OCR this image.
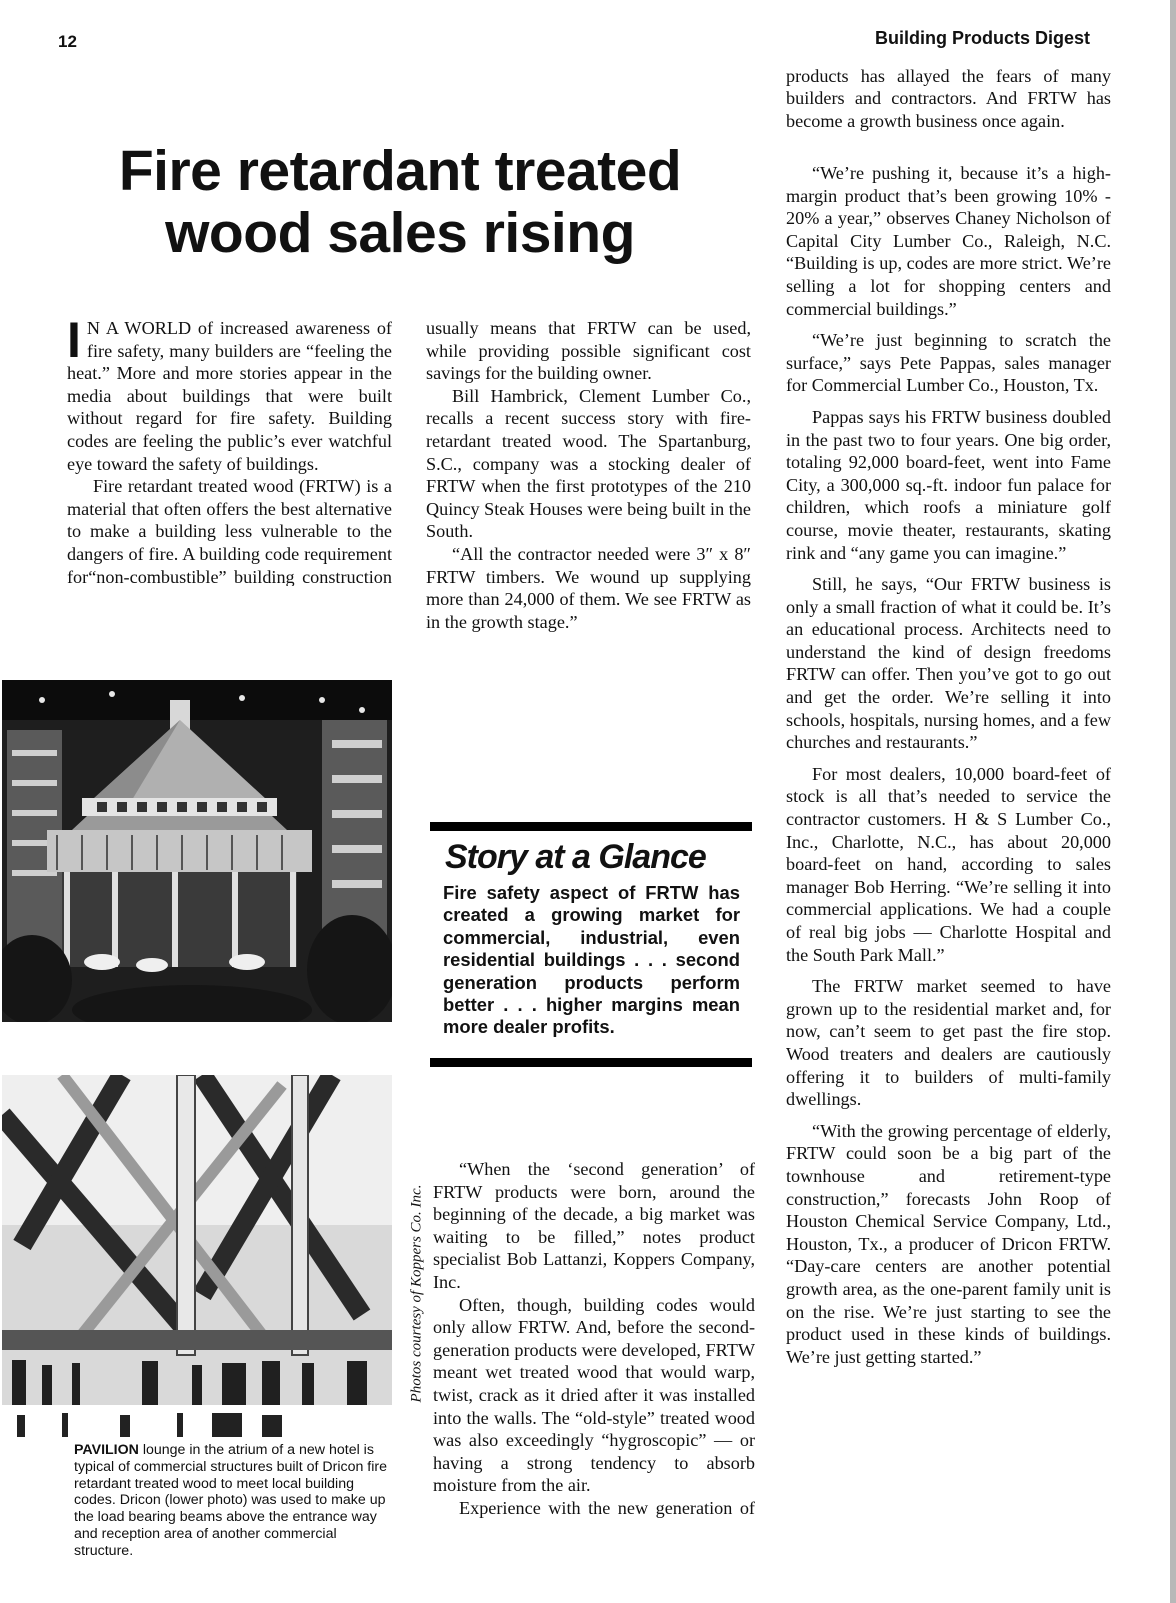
12	Building Products Digest
Fire retardant treated
wood sales rising

I N A WORLD of increased awareness of fire safety, many builders are “feeling the heat.” More and more stories appear in the media about buildings that were built without regard for fire safety. Building codes are feeling the public’s ever watchful eye toward the safety of buildings.

Fire retardant treated wood (FRTW) is a material that often offers the best alternative to make a building less vulnerable to the dangers of fire. A building code requirement for“non-combustible” building construction

usually means that FRTW can be used, while providing possible significant cost savings for the building owner.

Bill Hambrick, Clement Lumber Co., recalls a recent success story with fire-retardant treated wood. The Spartanburg, S.C., company was a stocking dealer of FRTW when the first prototypes of the 210 Quincy Steak Houses were being built in the South.

“All the contractor needed were 3″ x 8″ FRTW timbers. We wound up supplying more than 24,000 of them. We see FRTW as in the growth stage.”

Story at a Glance
Fire safety aspect of FRTW has created a growing market for commercial, industrial, even residential buildings . . . second generation products perform better . . . higher margins mean more dealer profits.

“When the ‘second generation’ of FRTW products were born, around the beginning of the decade, a big market was waiting to be filled,” notes product specialist Bob Lattanzi, Koppers Company, Inc.

Often, though, building codes would only allow FRTW. And, before the second-generation products were developed, FRTW meant wet treated wood that would warp, twist, crack as it dried after it was installed into the walls. The “old-style” treated wood was also exceedingly “hygroscopic” — or having a strong tendency to absorb moisture from the air.

Experience with the new generation of

products has allayed the fears of many builders and contractors. And FRTW has become a growth business once again.

“We’re pushing it, because it’s a high-margin product that’s been growing 10% - 20% a year,” observes Chaney Nicholson of Capital City Lumber Co., Raleigh, N.C. “Building is up, codes are more strict. We’re selling a lot for shopping centers and commercial buildings.”

“We’re just beginning to scratch the surface,” says Pete Pappas, sales manager for Commercial Lumber Co., Houston, Tx.

Pappas says his FRTW business doubled in the past two to four years. One big order, totaling 92,000 board-feet, went into Fame City, a 300,000 sq.-ft. indoor fun palace for children, which roofs a miniature golf course, movie theater, restaurants, skating rink and “any game you can imagine.”

Still, he says, “Our FRTW business is only a small fraction of what it could be. It’s an educational process. Architects need to understand the kind of design freedoms FRTW can offer. Then you’ve got to go out and get the order. We’re selling it into schools, hospitals, nursing homes, and a few churches and restaurants.”

For most dealers, 10,000 board-feet of stock is all that’s needed to service the contractor customers. H & S Lumber Co., Inc., Charlotte, N.C., has about 20,000 board-feet on hand, according to sales manager Bob Herring. “We’re selling it into commercial applications. We had a couple of real big jobs — Charlotte Hospital and the South Park Mall.”

The FRTW market seemed to have grown up to the residential market and, for now, can’t seem to get past the fire stop. Wood treaters and dealers are cautiously offering it to builders of multi-family dwellings.

“With the growing percentage of elderly, FRTW could soon be a big part of the townhouse and retirement-type construction,” forecasts John Roop of Houston Chemical Service Company, Ltd., Houston, Tx., a producer of Dricon FRTW. “Day-care centers are another potential growth area, as the one-parent family unit is on the rise. We’re just starting to see the product used in these kinds of buildings. We’re just getting started.”

Photos courtesy of Koppers Co. Inc.
PAVILION lounge in the atrium of a new hotel is typical of commercial structures built of Dricon fire retardant treated wood to meet local building codes. Dricon (lower photo) was used to make up the load bearing beams above the entrance way and reception area of another commercial structure.
